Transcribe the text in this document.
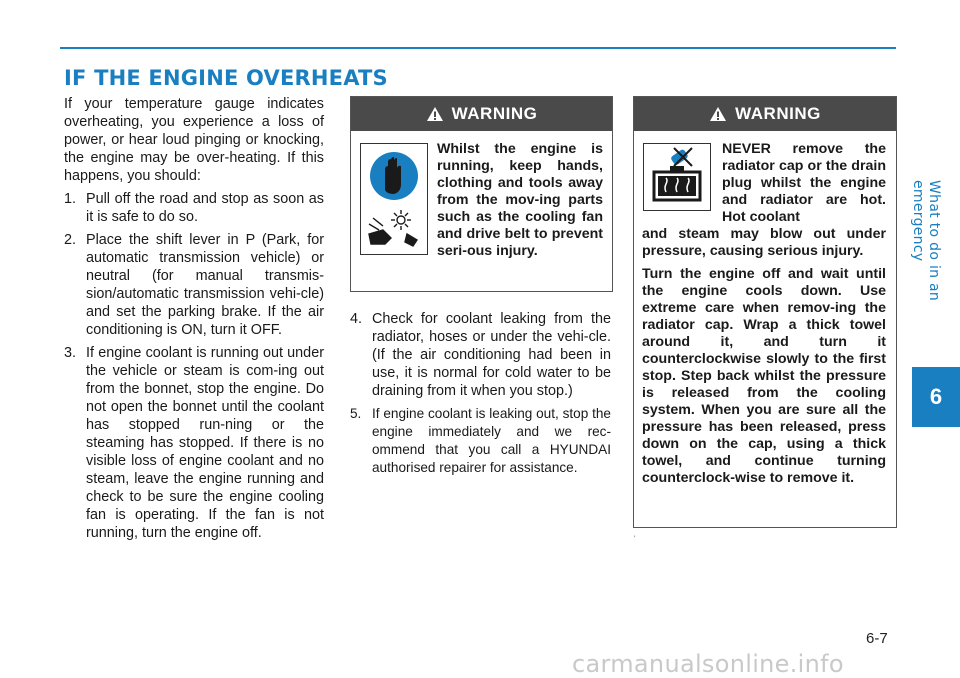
IF THE ENGINE OVERHEATS

If your temperature gauge indicates overheating, you experience a loss of power, or hear loud pinging or knocking, the engine may be over-heating. If this happens, you should:

1. Pull off the road and stop as soon as it is safe to do so.
2. Place the shift lever in P (Park, for automatic transmission vehicle) or neutral (for manual transmis-sion/automatic transmission vehi-cle) and set the parking brake. If the air conditioning is ON, turn it OFF.
3. If engine coolant is running out under the vehicle or steam is com-ing out from the bonnet, stop the engine. Do not open the bonnet until the coolant has stopped run-ning or the steaming has stopped. If there is no visible loss of engine coolant and no steam, leave the engine running and check to be sure the engine cooling fan is operating. If the fan is not running, turn the engine off.
WARNING
Whilst the engine is running, keep hands, clothing and tools away from the mov-ing parts such as the cooling fan and drive belt to prevent seri-ous injury.
4. Check for coolant leaking from the radiator, hoses or under the vehi-cle. (If the air conditioning had been in use, it is normal for cold water to be draining from it when you stop.)
5. If engine coolant is leaking out, stop the engine immediately and we rec-ommend that you call a HYUNDAI authorised repairer for assistance.
WARNING
NEVER remove the radiator cap or the drain plug whilst the engine and radiator are hot. Hot coolant
and steam may blow out under pressure, causing serious injury.
Turn the engine off and wait until the engine cools down. Use extreme care when remov-ing the radiator cap. Wrap a thick towel around it, and turn it counterclockwise slowly to the first stop. Step back whilst the pressure is released from the cooling system. When you are sure all the pressure has been released, press down on the cap, using a thick towel, and continue turning counterclock-wise to remove it.
ʻ
What to do in an emergency
6
6-7
carmanualsonline.info
